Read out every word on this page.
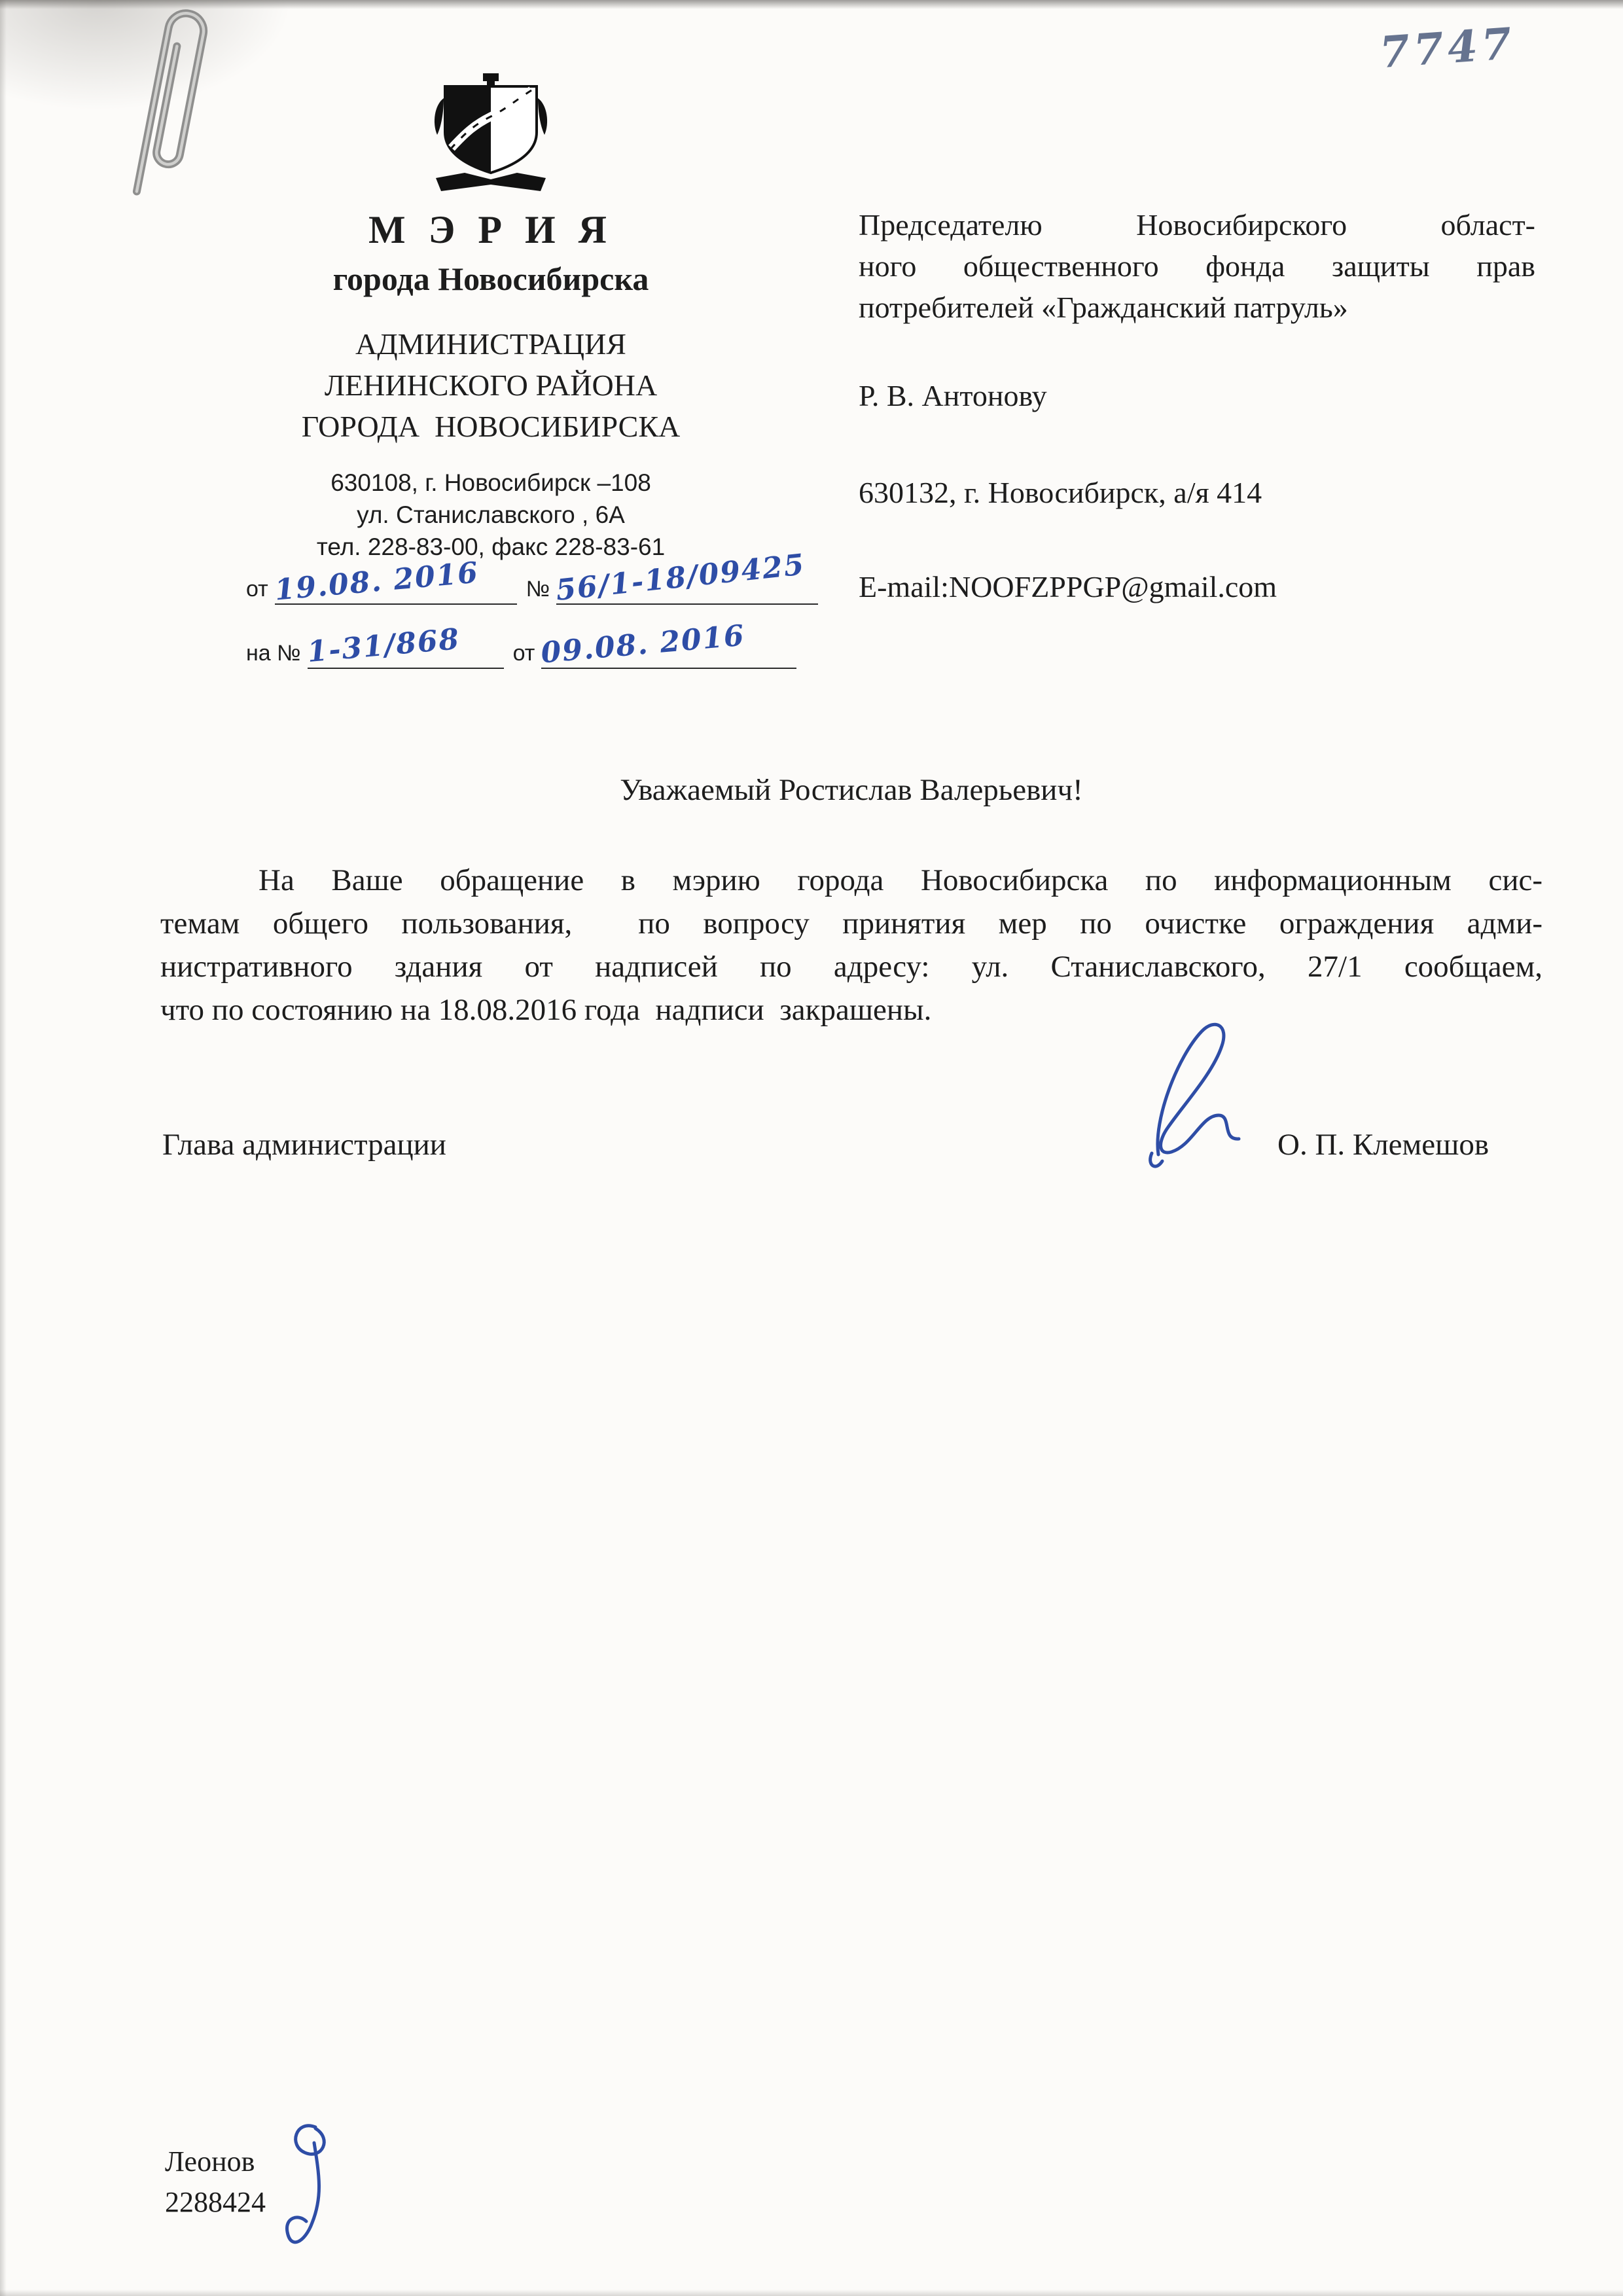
7747
М Э Р И Я
города Новосибирска
АДМИНИСТРАЦИЯ
ЛЕНИНСКОГО РАЙОНА
ГОРОДА  НОВОСИБИРСКА
630108, г. Новосибирск –108
ул. Станиславского , 6А
тел. 228-83-00, факс 228-83-61
от 19.08. 2016 № 56/1-18/09425
на № 1-31/868 от 09.08. 2016
Председателю Новосибирского област-
ного общественного фонда защиты прав
потребителей «Гражданский патруль»
Р. В. Антонову
630132, г. Новосибирск, а/я 414
E-mail:NOOFZPPGP@gmail.com
Уважаемый Ростислав Валерьевич!
На Ваше обращение в мэрию города Новосибирска по информационным сис-
темам общего пользования,  по вопросу принятия мер по очистке ограждения адми-
нистративного здания от надписей по адресу: ул. Станиславского, 27/1 сообщаем,
что по состоянию на 18.08.2016 года  надписи  закрашены.
Глава администрации	О. П. Клемешов
Леонов
2288424
